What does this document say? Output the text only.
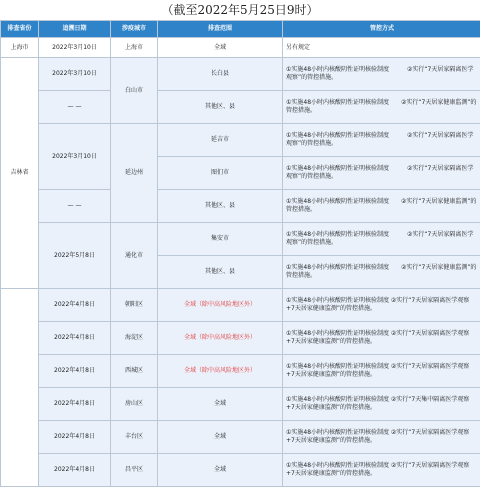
（截至2022年5月25日9时）
排查省份	追溯日期	涉疫城市	排查范围	管控方式
上海市	2022年3月10日	上海市	全域	另有规定
吉林省	2022年3月10日	白山市	长白县	①实施48小时内核酸阴性证明核验制度　　　②实行“7天居家隔离医学观察”的管控措施。
	— —		其他区、县	①实施48小时内核酸阴性证明核验制度　　②实行“7天居家健康监测”的管控措施。
	2022年3月10日	延边州	延吉市	①实施48小时内核酸阴性证明核验制度　　　②实行“7天居家隔离医学观察”的管控措施。
			图们市	①实施48小时内核酸阴性证明核验制度　　　②实行“7天居家隔离医学观察”的管控措施。
	— —		其他区、县	①实施48小时内核酸阴性证明核验制度　　②实行“7天居家健康监测”的管控措施。
	2022年5月8日	通化市	集安市	①实施48小时内核酸阴性证明核验制度　　　②实行“7天居家隔离医学观察”的管控措施。
			其他区、县	①实施48小时内核酸阴性证明核验制度　　②实行“7天居家健康监测”的管控措施。
	2022年4月8日	朝阳区	全域（除中高风险地区外）	①实施48小时内核酸阴性证明核验制度 ②实行“7天居家隔离医学观察+7天居家健康监测”的管控措施。
	2022年4月8日	海淀区	全域（除中高风险地区外）	①实施48小时内核酸阴性证明核验制度 ②实行“7天居家隔离医学观察+7天居家健康监测”的管控措施。
	2022年4月8日	西城区	全域（除中高风险地区外）	①实施48小时内核酸阴性证明核验制度 ②实行“7天居家隔离医学观察+7天居家健康监测”的管控措施。
	2022年4月8日	房山区	全域	①实施48小时内核酸阴性证明核验制度 ②实行“7天集中隔离医学观察+7天居家健康监测”的管控措施。
	2022年4月8日	丰台区	全域	①实施48小时内核酸阴性证明核验制度 ②实行“7天居家隔离医学观察+7天居家健康监测”的管控措施。
	2022年4月8日	昌平区	全域	①实施48小时内核酸阴性证明核验制度 ②实行“7天居家隔离医学观察+7天居家健康监测”的管控措施。
